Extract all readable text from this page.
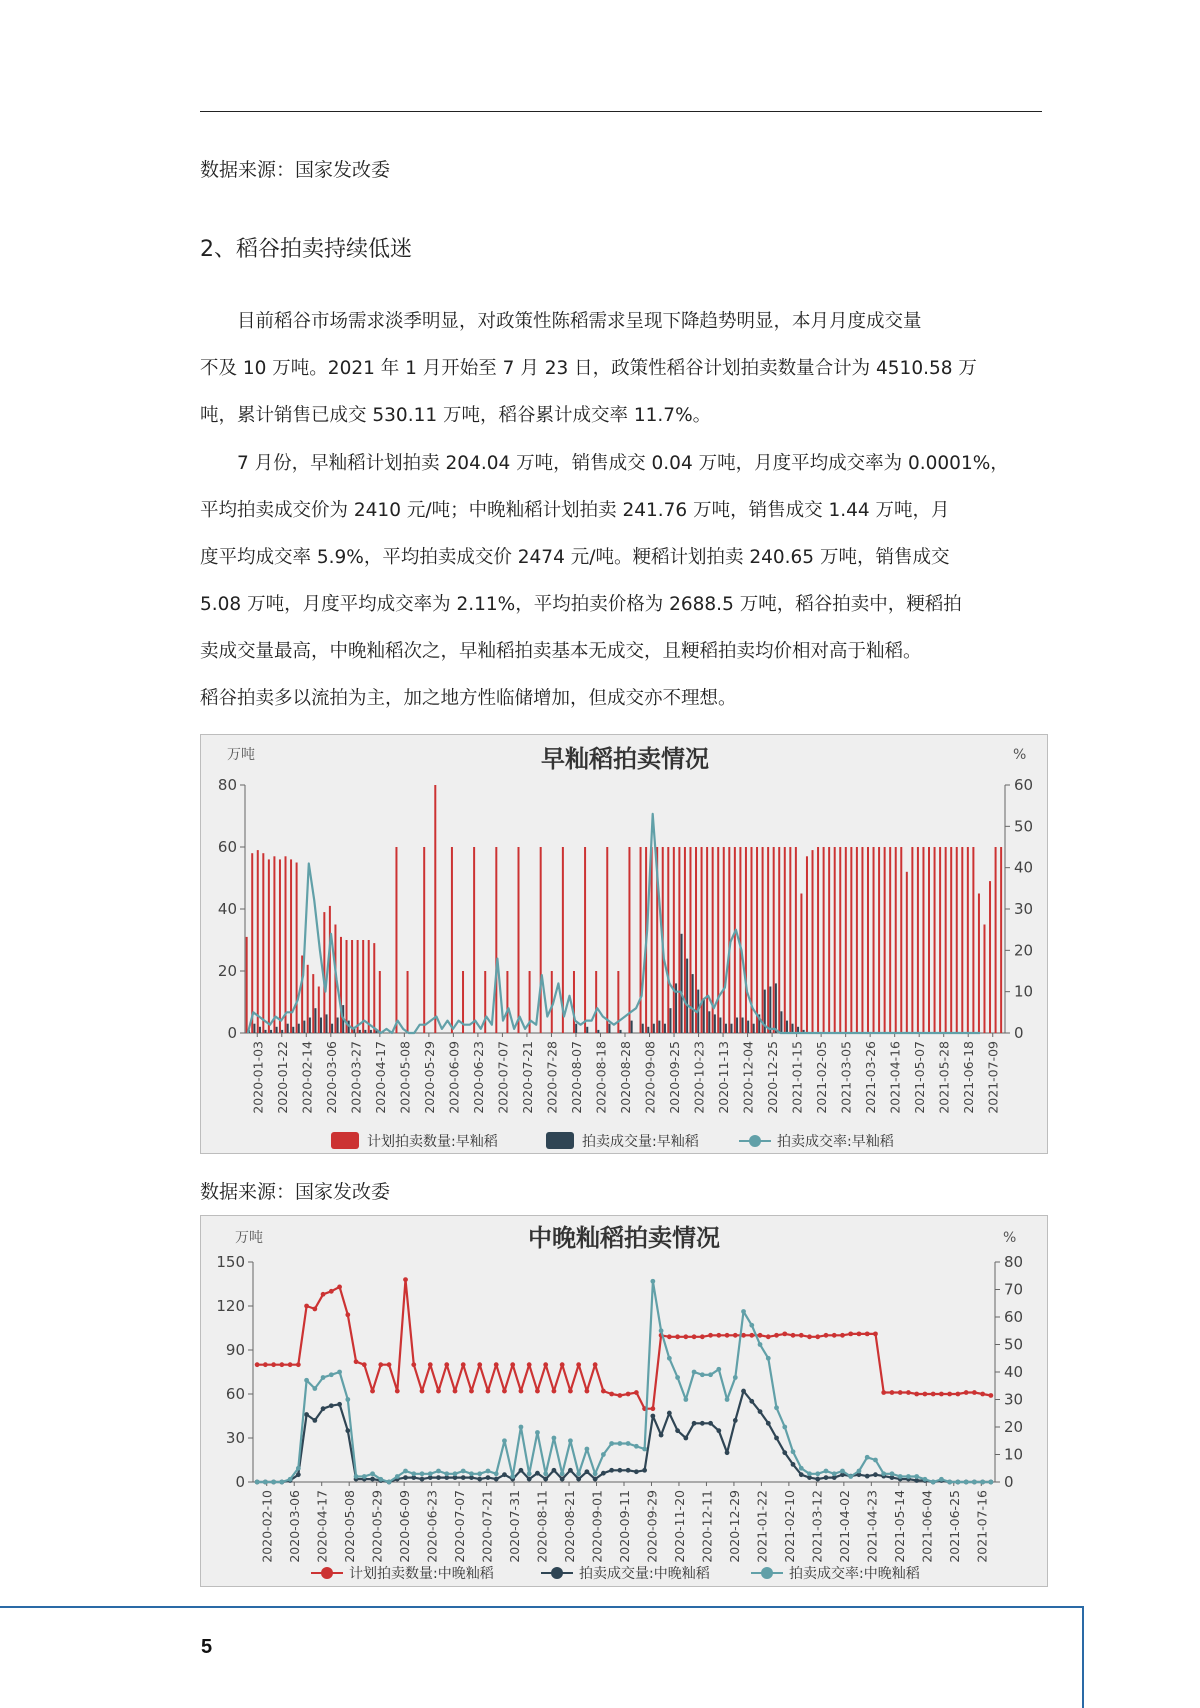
数据来源：国家发改委
2、稻谷拍卖持续低迷
　　目前稻谷市场需求淡季明显，对政策性陈稻需求呈现下降趋势明显，本月月度成交量
不及 10 万吨。2021 年 1 月开始至 7 月 23 日，政策性稻谷计划拍卖数量合计为 4510.58 万
吨，累计销售已成交 530.11 万吨，稻谷累计成交率 11.7%。
　　7 月份，早籼稻计划拍卖 204.04 万吨，销售成交 0.04 万吨，月度平均成交率为 0.0001%，
平均拍卖成交价为 2410 元/吨；中晚籼稻计划拍卖 241.76 万吨，销售成交 1.44 万吨，月
度平均成交率 5.9%，平均拍卖成交价 2474 元/吨。粳稻计划拍卖 240.65 万吨，销售成交
5.08 万吨，月度平均成交率为 2.11%，平均拍卖价格为 2688.5 万吨，稻谷拍卖中，粳稻拍
卖成交量最高，中晚籼稻次之，早籼稻拍卖基本无成交，且粳稻拍卖均价相对高于籼稻。
稻谷拍卖多以流拍为主，加之地方性临储增加，但成交亦不理想。
早籼稻拍卖情况
万吨	%
0
20
40
60
80
0
10
20
30
40
50
60
2020-01-03 2020-01-22 2020-02-14 2020-03-06 2020-03-27 2020-04-17 2020-05-08 2020-05-29 2020-06-09 2020-06-23 2020-07-07 2020-07-21 2020-07-28 2020-08-07 2020-08-18 2020-08-28 2020-09-08 2020-09-25 2020-10-23 2020-11-13 2020-12-04 2020-12-25 2021-01-15 2021-02-05 2021-03-05 2021-03-26 2021-04-16 2021-05-07 2021-05-28 2021-06-18 2021-07-09
计划拍卖数量:早籼稻	拍卖成交量:早籼稻	拍卖成交率:早籼稻
数据来源：国家发改委
中晚籼稻拍卖情况
万吨	%
0
30
60
90
120
150
0
10
20
30
40
50
60
70
80
2020-02-10 2020-03-06 2020-04-17 2020-05-08 2020-05-29 2020-06-09 2020-06-23 2020-07-07 2020-07-21 2020-07-31 2020-08-11 2020-08-21 2020-09-01 2020-09-11 2020-09-29 2020-11-20 2020-12-11 2020-12-29 2021-01-22 2021-02-10 2021-03-12 2021-04-02 2021-04-23 2021-05-14 2021-06-04 2021-06-25 2021-07-16
计划拍卖数量:中晚籼稻	拍卖成交量:中晚籼稻	拍卖成交率:中晚籼稻
5
